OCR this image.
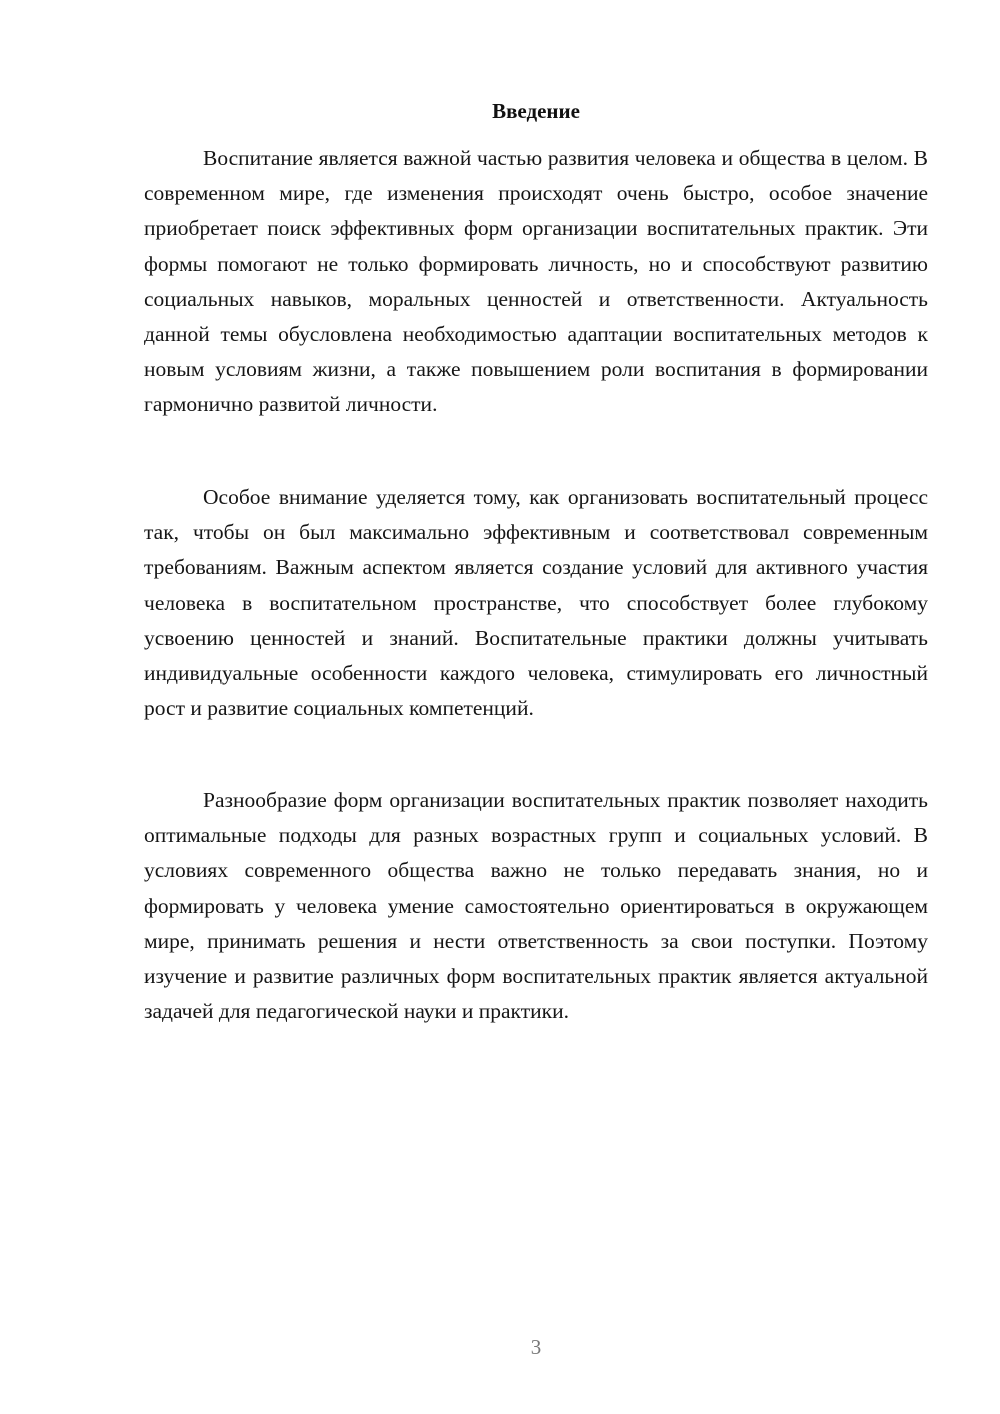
Введение

Воспитание является важной частью развития человека и общества в целом. В современном мире, где изменения происходят очень быстро, особое значение приобретает поиск эффективных форм организации воспитательных практик. Эти формы помогают не только формировать личность, но и способствуют развитию социальных навыков, моральных ценностей и ответственности. Актуальность данной темы обусловлена необходимостью адаптации воспитательных методов к новым условиям жизни, а также повышением роли воспитания в формировании гармонично развитой личности.

Особое внимание уделяется тому, как организовать воспитательный процесс так, чтобы он был максимально эффективным и соответствовал современным требованиям. Важным аспектом является создание условий для активного участия человека в воспитательном пространстве, что способствует более глубокому усвоению ценностей и знаний. Воспитательные практики должны учитывать индивидуальные особенности каждого человека, стимулировать его личностный рост и развитие социальных компетенций.

Разнообразие форм организации воспитательных практик позволяет находить оптимальные подходы для разных возрастных групп и социальных условий. В условиях современного общества важно не только передавать знания, но и формировать у человека умение самостоятельно ориентироваться в окружающем мире, принимать решения и нести ответственность за свои поступки. Поэтому изучение и развитие различных форм воспитательных практик является актуальной задачей для педагогической науки и практики.

3
